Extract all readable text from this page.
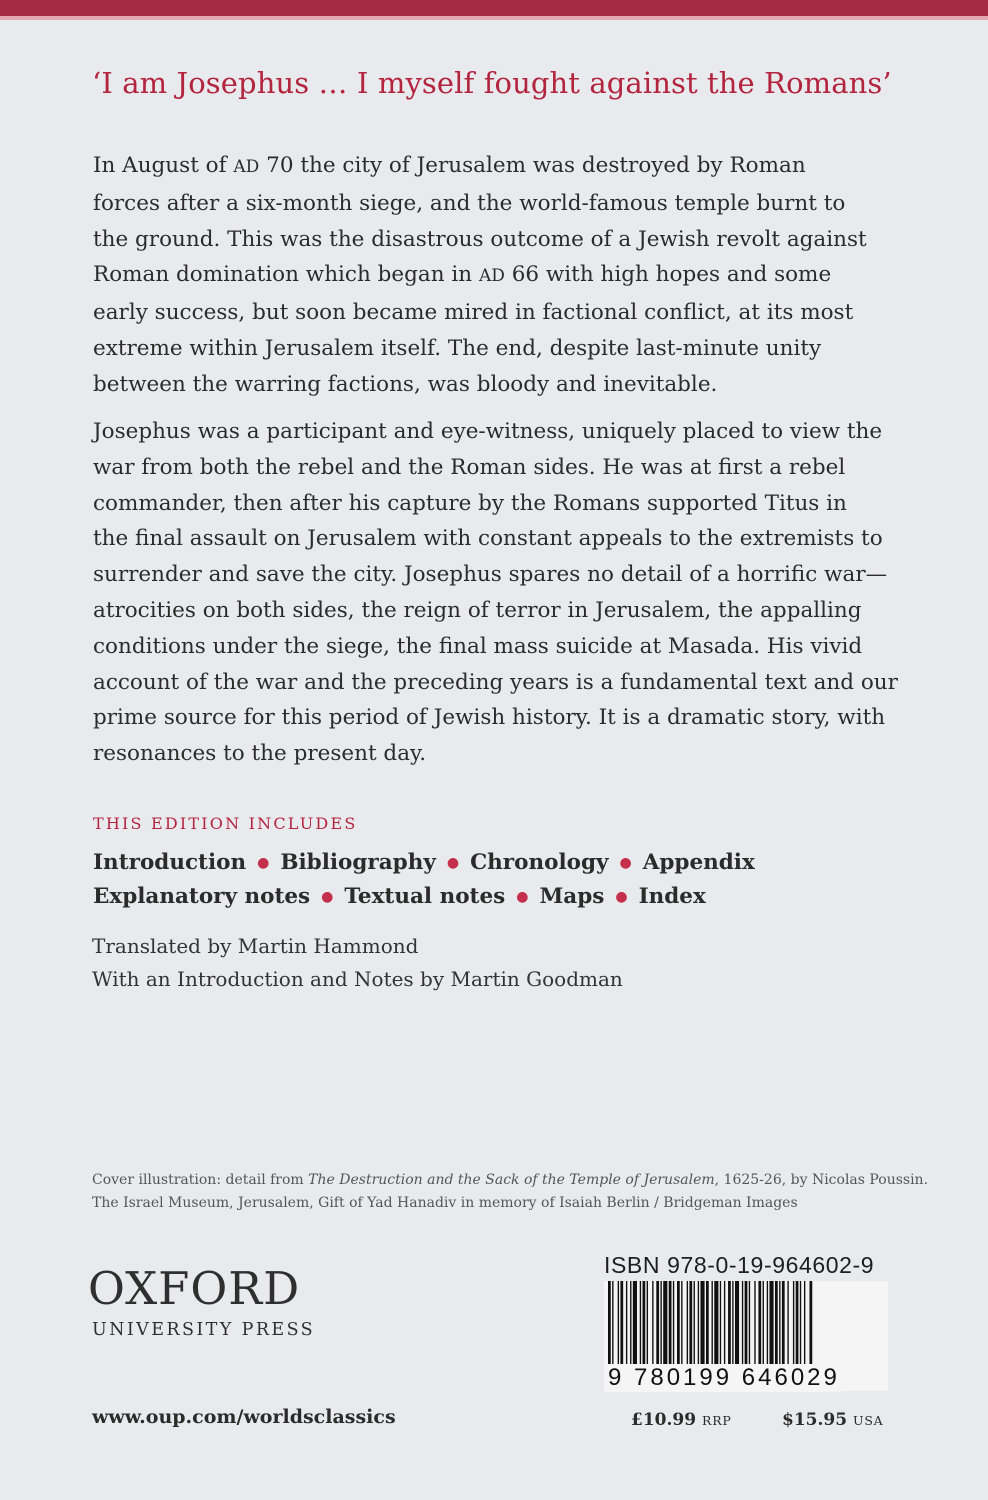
‘I am Josephus … I myself fought against the Romans’
In August of AD 70 the city of Jerusalem was destroyed by Roman
forces after a six-month siege, and the world-famous temple burnt to
the ground. This was the disastrous outcome of a Jewish revolt against
Roman domination which began in AD 66 with high hopes and some
early success, but soon became mired in factional conflict, at its most
extreme within Jerusalem itself. The end, despite last-minute unity
between the warring factions, was bloody and inevitable.
Josephus was a participant and eye-witness, uniquely placed to view the
war from both the rebel and the Roman sides. He was at first a rebel
commander, then after his capture by the Romans supported Titus in
the final assault on Jerusalem with constant appeals to the extremists to
surrender and save the city. Josephus spares no detail of a horrific war—
atrocities on both sides, the reign of terror in Jerusalem, the appalling
conditions under the siege, the final mass suicide at Masada. His vivid
account of the war and the preceding years is a fundamental text and our
prime source for this period of Jewish history. It is a dramatic story, with
resonances to the present day.
THIS EDITION INCLUDES
Introduction ● Bibliography ● Chronology ● Appendix
Explanatory notes ● Textual notes ● Maps ● Index
Translated by Martin Hammond
With an Introduction and Notes by Martin Goodman
Cover illustration: detail from The Destruction and the Sack of the Temple of Jerusalem, 1625-26, by Nicolas Poussin.
The Israel Museum, Jerusalem, Gift of Yad Hanadiv in memory of Isaiah Berlin / Bridgeman Images
OXFORD
UNIVERSITY PRESS
www.oup.com/worldsclassics
ISBN 978-0-19-964602-9
9 780199 646029
£10.99 RRP	$15.95 USA
